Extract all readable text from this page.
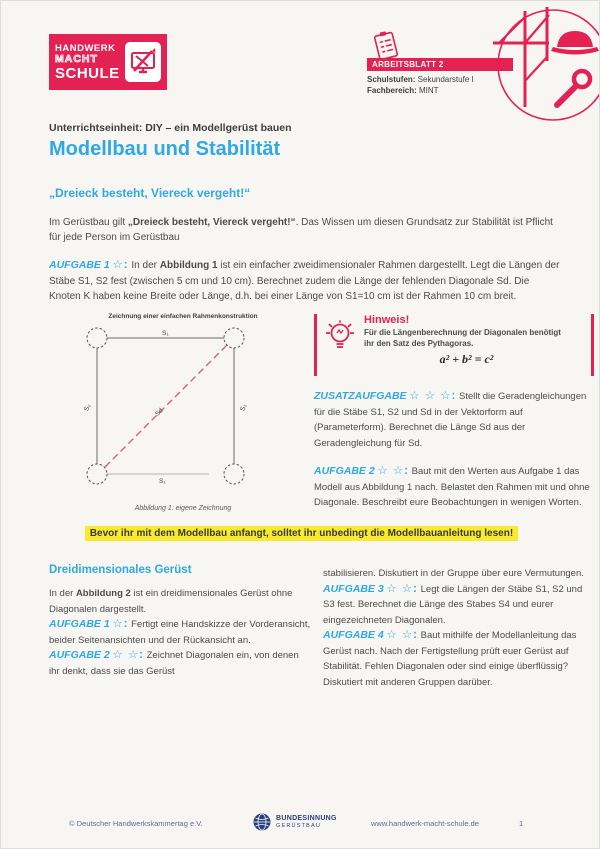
HANDWERK
MACHT
SCHULE	ARBEITSBLATT 2
Schulstufen: Sekundarstufe I
Fachbereich: MINT
Unterrichtseinheit: DIY – ein Modellgerüst bauen
Modellbau und Stabilität
„Dreieck besteht, Viereck vergeht!“

Im Gerüstbau gilt „Dreieck besteht, Viereck vergeht!“. Das Wissen um diesen Grundsatz zur Stabilität ist Pflicht für jede Person im Gerüstbau

AUFGABE 1 ☆: In der Abbildung 1 ist ein einfacher zweidimensionaler Rahmen dargestellt. Legt die Längen der Stäbe S1, S2 fest (zwischen 5 cm und 10 cm). Berechnet zudem die Länge der fehlenden Diagonale Sd. Die Knoten K haben keine Breite oder Länge, d.h. bei einer Länge von S1=10 cm ist der Rahmen 10 cm breit.

Zeichnung einer einfachen Rahmenkonstruktion
S₁
S₂	S₂
S₁
Sd
Abbildung 1: eigene Zeichnung

Hinweis!

Für die Längenberechnung der Diagonalen benötigt ihr den Satz des Pythagoras.

a² + b² = c²

ZUSATZAUFGABE ☆ ☆ ☆: Stellt die Geradengleichungen für die Stäbe S1, S2 und Sd in der Vektorform auf (Parameterform). Berechnet die Länge Sd aus der Geradengleichung für Sd.

AUFGABE 2 ☆ ☆: Baut mit den Werten aus Aufgabe 1 das Modell aus Abbildung 1 nach. Belastet den Rahmen mit und ohne Diagonale. Beschreibt eure Beobachtungen in wenigen Worten.

Bevor ihr mit dem Modellbau anfangt, solltet ihr unbedingt die Modellbauanleitung lesen!
Dreidimensionales Gerüst

In der Abbildung 2 ist ein dreidimensionales Gerüst ohne Diagonalen dargestellt.

AUFGABE 1 ☆: Fertigt eine Handskizze der Vorderansicht, beider Seitenansichten und der Rückansicht an.

AUFGABE 2 ☆ ☆: Zeichnet Diagonalen ein, von denen ihr denkt, dass sie das Gerüst

stabilisieren. Diskutiert in der Gruppe über eure Vermutungen.

AUFGABE 3 ☆ ☆: Legt die Längen der Stäbe S1, S2 und S3 fest. Berechnet die Länge des Stabes S4 und eurer eingezeichneten Diagonalen.

AUFGABE 4 ☆ ☆: Baut mithilfe der Modellanleitung das Gerüst nach. Nach der Fertigstellung prüft euer Gerüst auf Stabilität. Fehlen Diagonalen oder sind einige überflüssig? Diskutiert mit anderen Gruppen darüber.

© Deutscher Handwerkskammertag e.V.
BUNDESINNUNG
GERÜSTBAU	www.handwerk-macht-schule.de	1
